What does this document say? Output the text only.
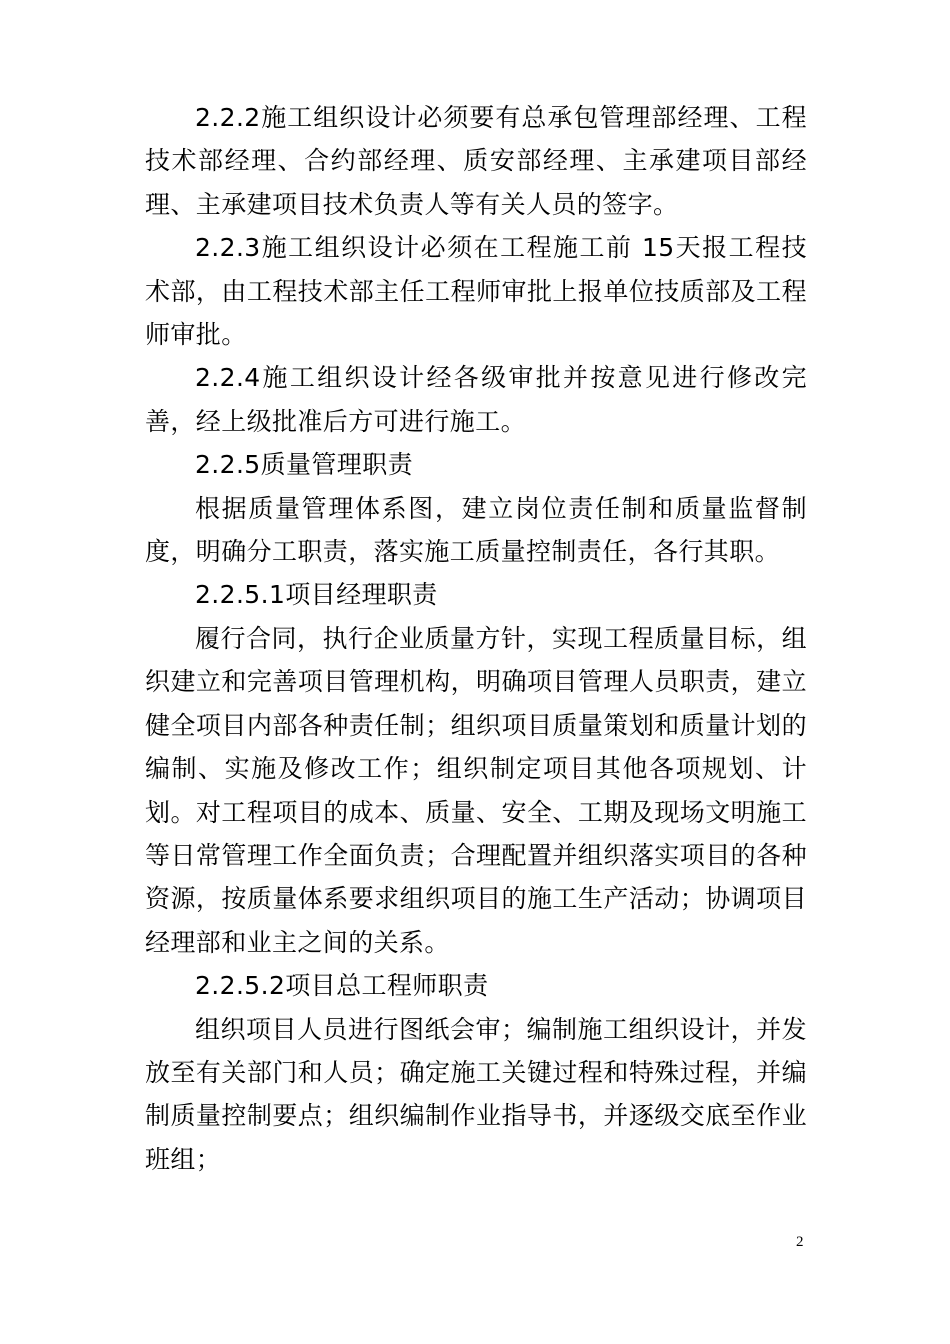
2.2.2施工组织设计必须要有总承包管理部经理、工程技术部经理、合约部经理、质安部经理、主承建项目部经理、主承建项目技术负责人等有关人员的签字。

2.2.3施工组织设计必须在工程施工前 15天报工程技术部，由工程技术部主任工程师审批上报单位技质部及工程师审批。

2.2.4施工组织设计经各级审批并按意见进行修改完善，经上级批准后方可进行施工。

2.2.5质量管理职责

根据质量管理体系图，建立岗位责任制和质量监督制度，明确分工职责，落实施工质量控制责任，各行其职。

2.2.5.1项目经理职责

履行合同，执行企业质量方针，实现工程质量目标，组织建立和完善项目管理机构，明确项目管理人员职责，建立健全项目内部各种责任制；组织项目质量策划和质量计划的编制、实施及修改工作；组织制定项目其他各项规划、计划。对工程项目的成本、质量、安全、工期及现场文明施工等日常管理工作全面负责；合理配置并组织落实项目的各种资源，按质量体系要求组织项目的施工生产活动；协调项目经理部和业主之间的关系。

2.2.5.2项目总工程师职责

组织项目人员进行图纸会审；编制施工组织设计，并发放至有关部门和人员；确定施工关键过程和特殊过程，并编制质量控制要点；组织编制作业指导书，并逐级交底至作业班组；

2
